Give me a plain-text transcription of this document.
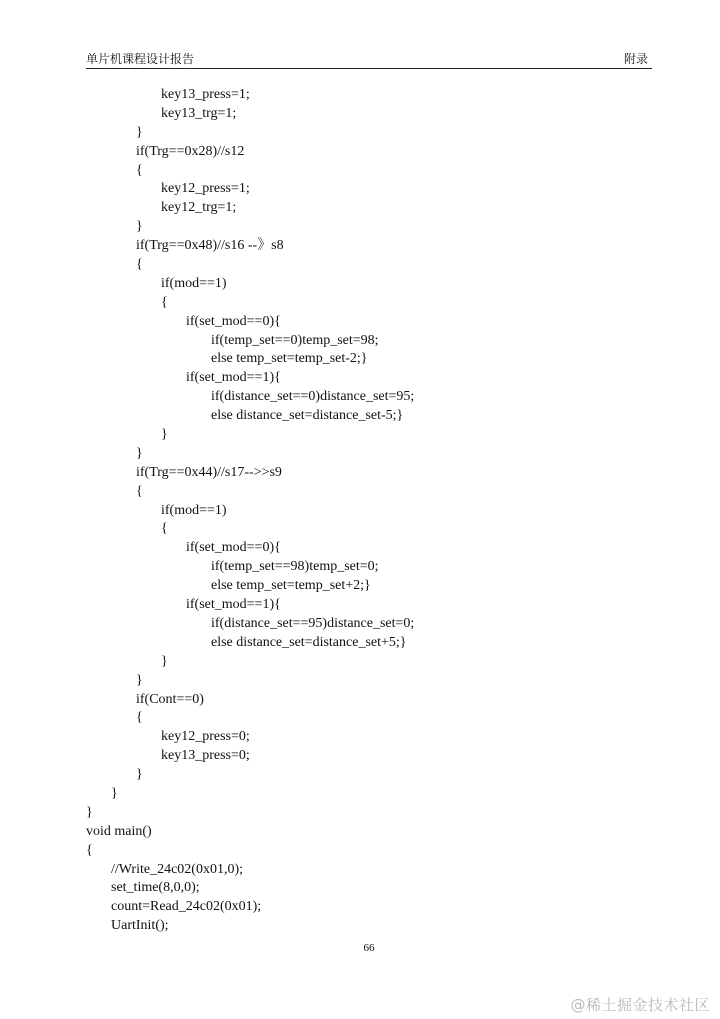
单片机课程设计报告	附录
key13_press=1;
key13_trg=1;
}
if(Trg==0x28)//s12
{
key12_press=1;
key12_trg=1;
}
if(Trg==0x48)//s16 --》s8
{
if(mod==1)
{
if(set_mod==0){
if(temp_set==0)temp_set=98;
else temp_set=temp_set-2;}
if(set_mod==1){
if(distance_set==0)distance_set=95;
else distance_set=distance_set-5;}
}
}
if(Trg==0x44)//s17-->>s9
{
if(mod==1)
{
if(set_mod==0){
if(temp_set==98)temp_set=0;
else temp_set=temp_set+2;}
if(set_mod==1){
if(distance_set==95)distance_set=0;
else distance_set=distance_set+5;}
}
}
if(Cont==0)
{
key12_press=0;
key13_press=0;
}
}
}
void main()
{
//Write_24c02(0x01,0);
set_time(8,0,0);
count=Read_24c02(0x01);
UartInit();
66
@稀土掘金技术社区
